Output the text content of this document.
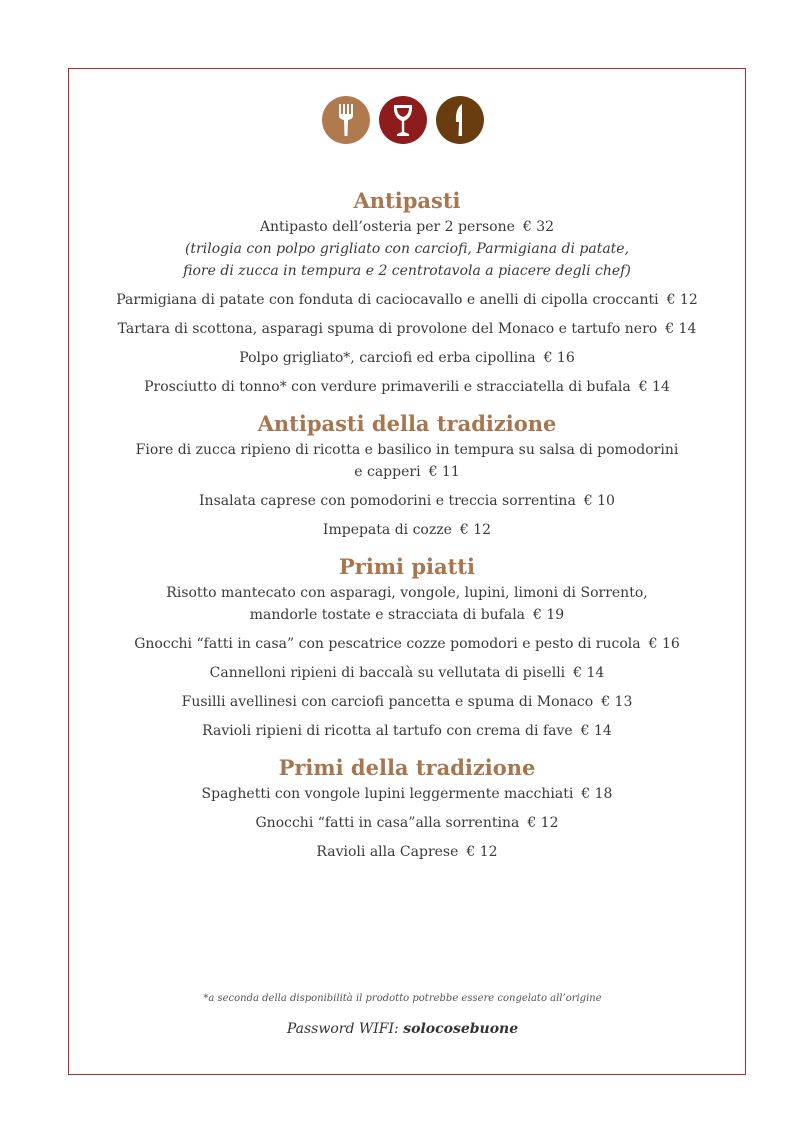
Antipasti

Antipasto dell’osteria per 2 persone € 32

(trilogia con polpo grigliato con carciofi, Parmigiana di patate,

fiore di zucca in tempura e 2 centrotavola a piacere degli chef)

Parmigiana di patate con fonduta di caciocavallo e anelli di cipolla croccanti € 12

Tartara di scottona, asparagi spuma di provolone del Monaco e tartufo nero € 14

Polpo grigliato*, carciofi ed erba cipollina € 16

Prosciutto di tonno* con verdure primaverili e stracciatella di bufala € 14

Antipasti della tradizione

Fiore di zucca ripieno di ricotta e basilico in tempura su salsa di pomodorini

e capperi € 11

Insalata caprese con pomodorini e treccia sorrentina € 10

Impepata di cozze € 12

Primi piatti

Risotto mantecato con asparagi, vongole, lupini, limoni di Sorrento,

mandorle tostate e stracciata di bufala € 19

Gnocchi “fatti in casa” con pescatrice cozze pomodori e pesto di rucola € 16

Cannelloni ripieni di baccalà su vellutata di piselli € 14

Fusilli avellinesi con carciofi pancetta e spuma di Monaco € 13

Ravioli ripieni di ricotta al tartufo con crema di fave € 14

Primi della tradizione

Spaghetti con vongole lupini leggermente macchiati € 18

Gnocchi “fatti in casa”alla sorrentina € 12

Ravioli alla Caprese € 12

*a seconda della disponibilità il prodotto potrebbe essere congelato all’origine
Password WIFI: solocosebuone
